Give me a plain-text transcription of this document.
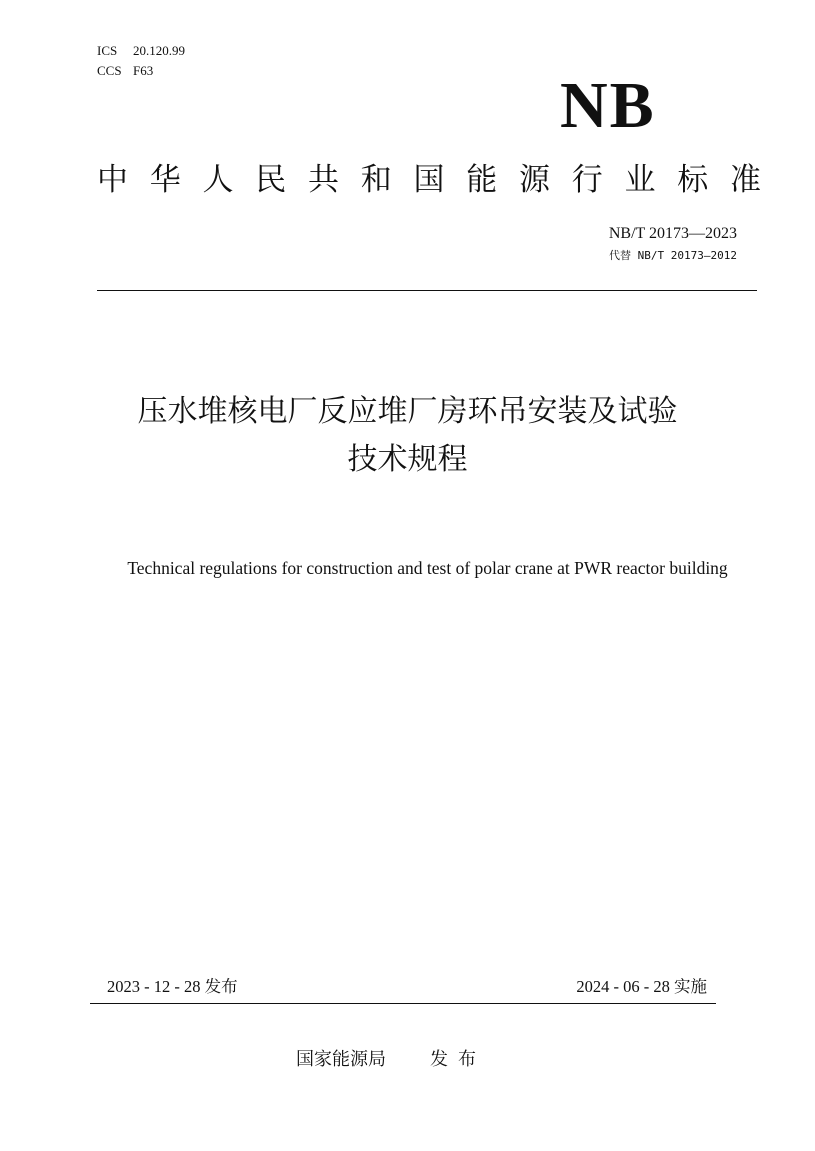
ICS 20.120.99
CCS F63	NB
中 华 人 民 共 和 国 能 源 行 业 标 准
NB/T 20173—2023
代替 NB/T 20173—2012
压水堆核电厂反应堆厂房环吊安装及试验
技术规程
Technical regulations for construction and test of polar crane at PWR reactor building
2023 - 12 - 28 发布	2024 - 06 - 28 实施
国家能源局 发布
